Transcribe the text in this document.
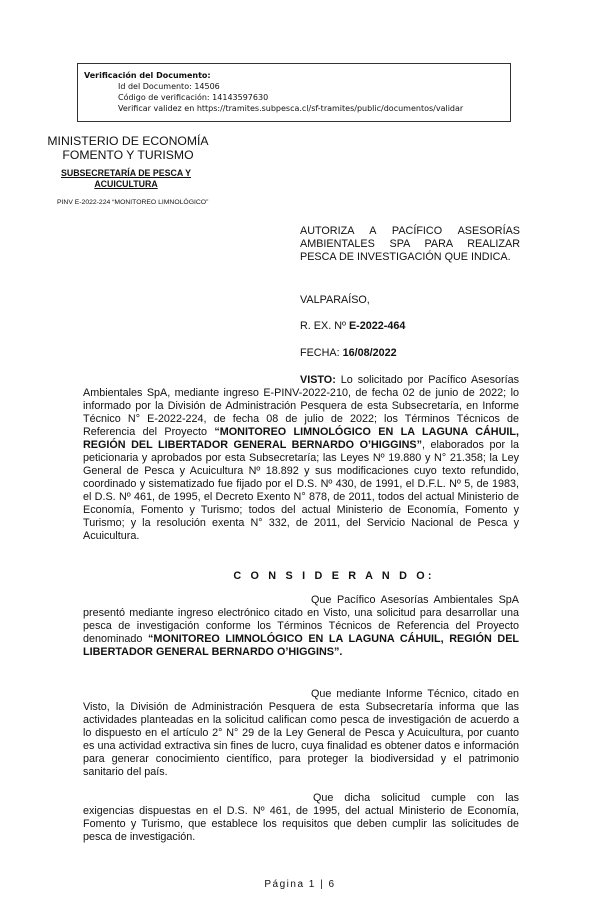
Verificación del Documento:
• Id del Documento: 14506
• Código de verificación: 14143597630
• Verificar validez en https://tramites.subpesca.cl/sf-tramites/public/documentos/validar
MINISTERIO DE ECONOMÍA
FOMENTO Y TURISMO
SUBSECRETARÍA DE PESCA Y ACUICULTURA
PINV E-2022-224 “MONITOREO LIMNOLÓGICO”
AUTORIZA A PACÍFICO ASESORÍAS AMBIENTALES SPA PARA REALIZAR PESCA DE INVESTIGACIÓN QUE INDICA.
VALPARAÍSO,
R. EX. Nº E-2022-464
FECHA: 16/08/2022
VISTO: Lo solicitado por Pacífico Asesorías Ambientales SpA, mediante ingreso E-PINV-2022-210, de fecha 02 de junio de 2022; lo informado por la División de Administración Pesquera de esta Subsecretaría, en Informe Técnico N° E-2022-224, de fecha 08 de julio de 2022; los Términos Técnicos de Referencia del Proyecto “MONITOREO LIMNOLÓGICO EN LA LAGUNA CÁHUIL, REGIÓN DEL LIBERTADOR GENERAL BERNARDO O’HIGGINS”, elaborados por la peticionaria y aprobados por esta Subsecretaría; las Leyes Nº 19.880 y N° 21.358; la Ley General de Pesca y Acuicultura Nº 18.892 y sus modificaciones cuyo texto refundido, coordinado y sistematizado fue fijado por el D.S. Nº 430, de 1991, el D.F.L. Nº 5, de 1983, el D.S. Nº 461, de 1995, el Decreto Exento N° 878, de 2011, todos del actual Ministerio de Economía, Fomento y Turismo; todos del actual Ministerio de Economía, Fomento y Turismo; y la resolución exenta N° 332, de 2011, del Servicio Nacional de Pesca y Acuicultura.
C O N S I D E R A N D O:
Que Pacífico Asesorías Ambientales SpA presentó mediante ingreso electrónico citado en Visto, una solicitud para desarrollar una pesca de investigación conforme los Términos Técnicos de Referencia del Proyecto denominado “MONITOREO LIMNOLÓGICO EN LA LAGUNA CÁHUIL, REGIÓN DEL LIBERTADOR GENERAL BERNARDO O’HIGGINS”.
Que mediante Informe Técnico, citado en Visto, la División de Administración Pesquera de esta Subsecretaría informa que las actividades planteadas en la solicitud califican como pesca de investigación de acuerdo a lo dispuesto en el artículo 2° N° 29 de la Ley General de Pesca y Acuicultura, por cuanto es una actividad extractiva sin fines de lucro, cuya finalidad es obtener datos e información para generar conocimiento científico, para proteger la biodiversidad y el patrimonio sanitario del país.
Que dicha solicitud cumple con las exigencias dispuestas en el D.S. Nº 461, de 1995, del actual Ministerio de Economía, Fomento y Turismo, que establece los requisitos que deben cumplir las solicitudes de pesca de investigación.
Página 1 | 6
